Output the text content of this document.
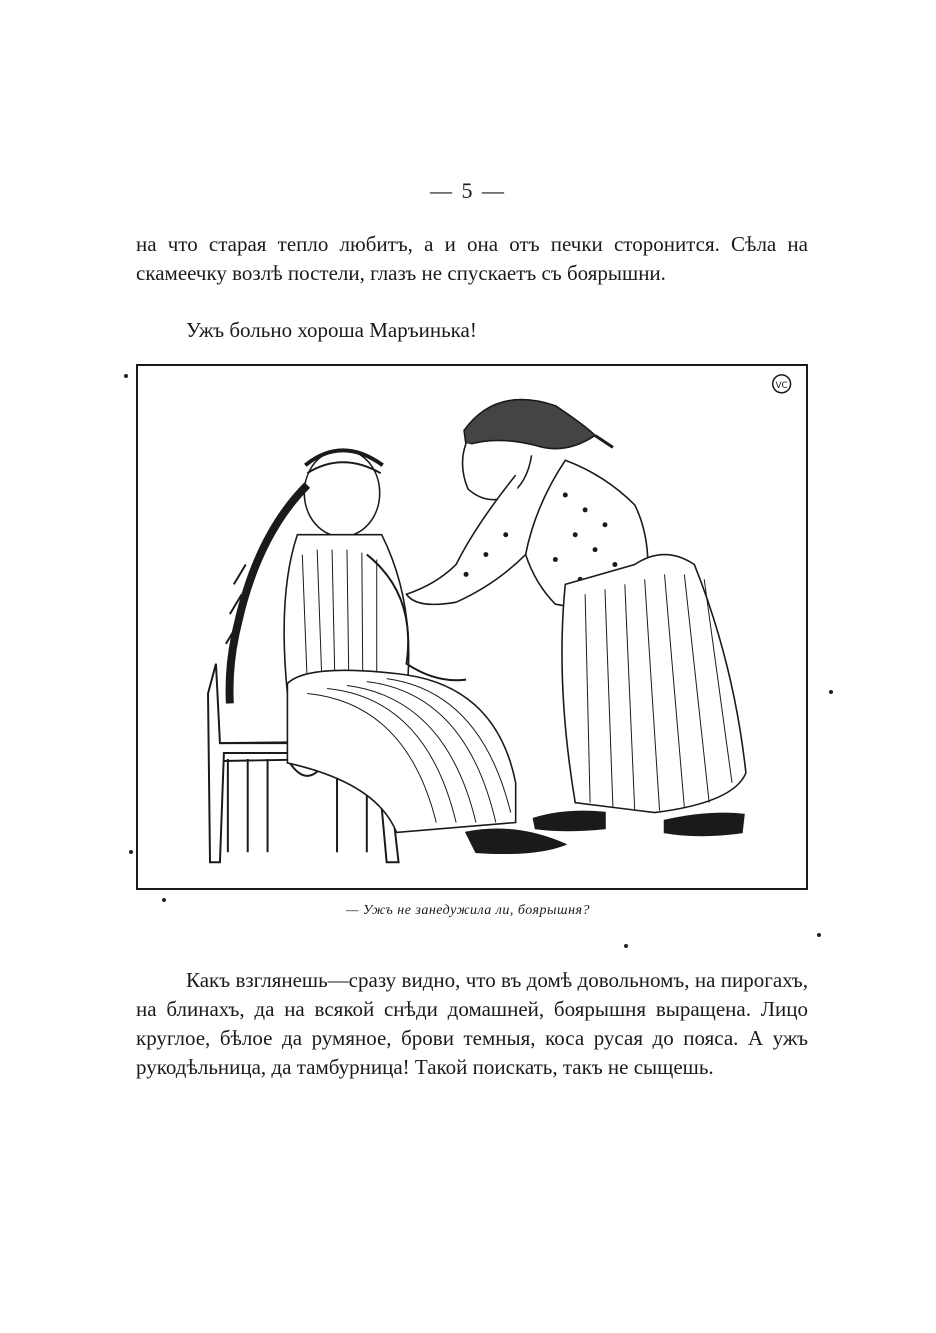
— 5 —

на что старая тепло любитъ, а и она отъ печки сторонится. Сѣла на скамеечку возлѣ постели, глазъ не спускаетъ съ боярышни.

Ужъ больно хороша Маръинька!

VC
— Ужъ не занедужила ли, боярышня?

Какъ взглянешь—сразу видно, что въ домѣ довольномъ, на пирогахъ, на блинахъ, да на всякой снѣди домашней, боярышня выращена. Лицо круглое, бѣлое да румяное, брови темныя, коса русая до пояса. А ужъ рукодѣльница, да тамбурница! Такой поискать, такъ не сыщешь.
